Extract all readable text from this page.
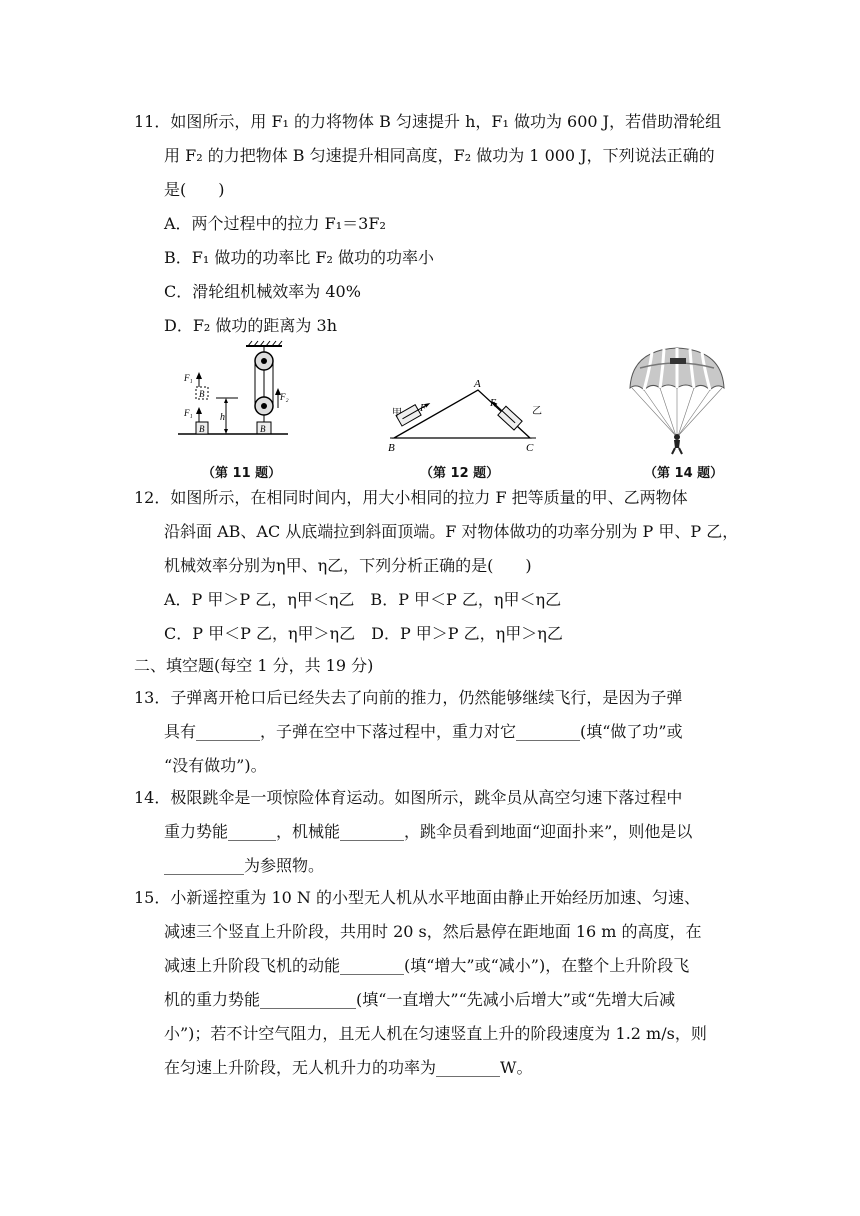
11．如图所示，用 F₁ 的力将物体 B 匀速提升 h，F₁ 做功为 600 J，若借助滑轮组
用 F₂ 的力把物体 B 匀速提升相同高度，F₂ 做功为 1 000 J，下列说法正确的
是(　　)
A．两个过程中的拉力 F₁＝3F₂
B．F₁ 做功的功率比 F₂ 做功的功率小
C．滑轮组机械效率为 40%
D．F₂ 做功的距离为 3h
B
F₂
B
F₁
B
F₁
h
（第 11 题）
A
B	C
F
甲
F
乙
（第 12 题）	（第 14 题）
12．如图所示，在相同时间内，用大小相同的拉力 F 把等质量的甲、乙两物体
沿斜面 AB、AC 从底端拉到斜面顶端。F 对物体做功的功率分别为 P 甲、P 乙，
机械效率分别为η甲、η乙，下列分析正确的是(　　)
A．P 甲＞P 乙，η甲＜η乙　B．P 甲＜P 乙，η甲＜η乙
C．P 甲＜P 乙，η甲＞η乙　D．P 甲＞P 乙，η甲＞η乙
二、填空题(每空 1 分，共 19 分)
13．子弹离开枪口后已经失去了向前的推力，仍然能够继续飞行，是因为子弹
具有________，子弹在空中下落过程中，重力对它________(填“做了功”或
“没有做功”)。
14．极限跳伞是一项惊险体育运动。如图所示，跳伞员从高空匀速下落过程中
重力势能______，机械能________，跳伞员看到地面“迎面扑来”，则他是以
__________为参照物。
15．小新遥控重为 10 N 的小型无人机从水平地面由静止开始经历加速、匀速、
减速三个竖直上升阶段，共用时 20 s，然后悬停在距地面 16 m 的高度，在
减速上升阶段飞机的动能________(填“增大”或“减小”)，在整个上升阶段飞
机的重力势能____________(填“一直增大”“先减小后增大”或“先增大后减
小”)；若不计空气阻力，且无人机在匀速竖直上升的阶段速度为 1.2 m/s，则
在匀速上升阶段，无人机升力的功率为________W。
